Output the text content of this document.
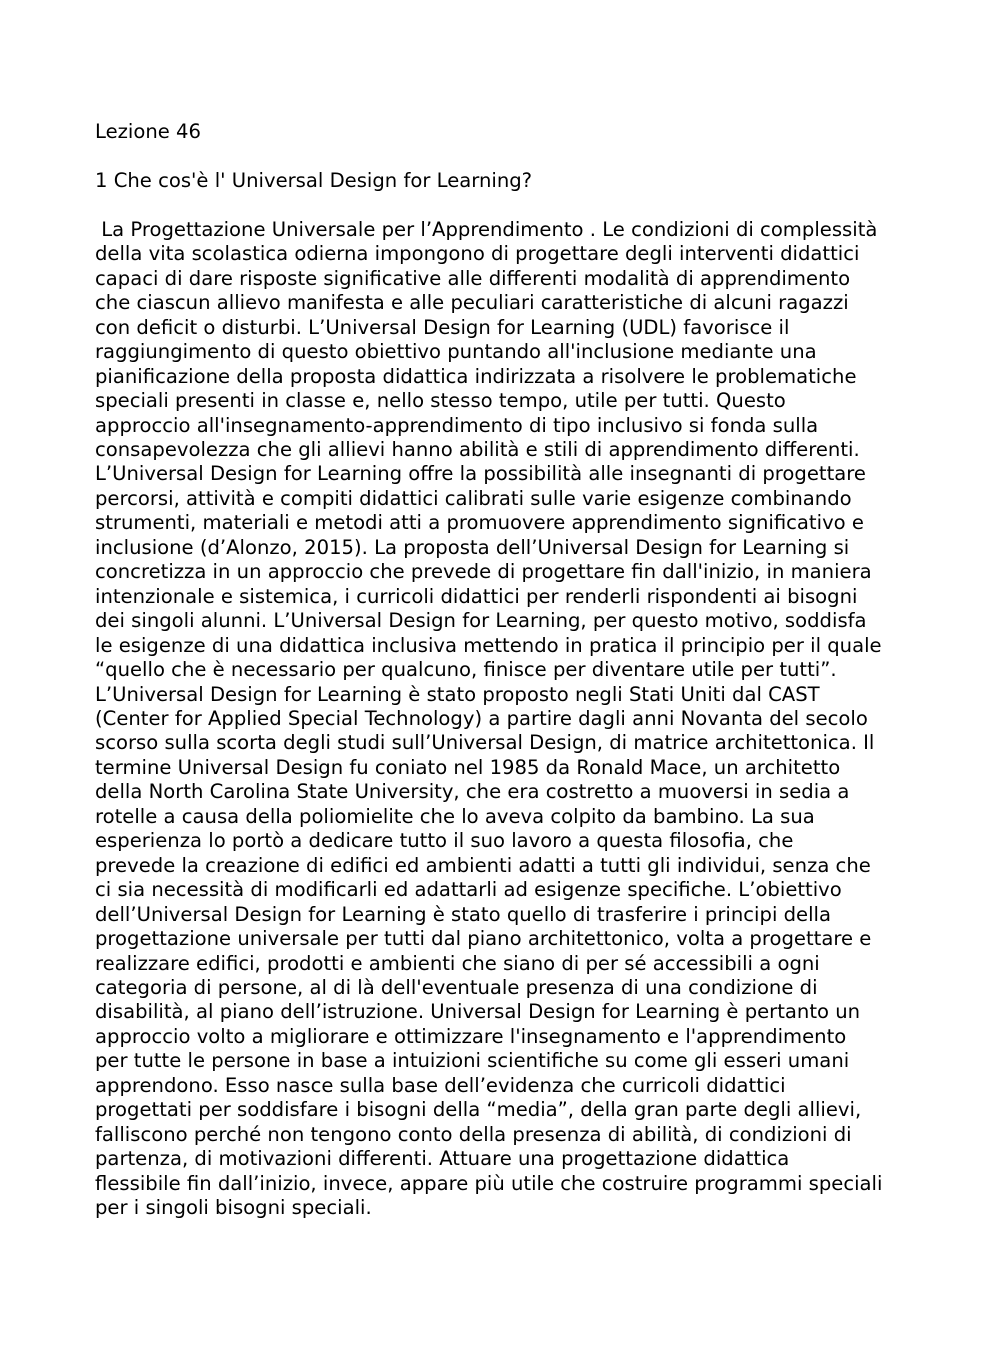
Lezione 46

1 Che cos'è l' Universal Design for Learning?

La Progettazione Universale per l’Apprendimento . Le condizioni di complessità
della vita scolastica odierna impongono di progettare degli interventi didattici
capaci di dare risposte significative alle differenti modalità di apprendimento
che ciascun allievo manifesta e alle peculiari caratteristiche di alcuni ragazzi
con deficit o disturbi. L’Universal Design for Learning (UDL) favorisce il
raggiungimento di questo obiettivo puntando all'inclusione mediante una
pianificazione della proposta didattica indirizzata a risolvere le problematiche
speciali presenti in classe e, nello stesso tempo, utile per tutti. Questo
approccio all'insegnamento-apprendimento di tipo inclusivo si fonda sulla
consapevolezza che gli allievi hanno abilità e stili di apprendimento differenti.
L’Universal Design for Learning offre la possibilità alle insegnanti di progettare
percorsi, attività e compiti didattici calibrati sulle varie esigenze combinando
strumenti, materiali e metodi atti a promuovere apprendimento significativo e
inclusione (d’Alonzo, 2015). La proposta dell’Universal Design for Learning si
concretizza in un approccio che prevede di progettare fin dall'inizio, in maniera
intenzionale e sistemica, i curricoli didattici per renderli rispondenti ai bisogni
dei singoli alunni. L’Universal Design for Learning, per questo motivo, soddisfa
le esigenze di una didattica inclusiva mettendo in pratica il principio per il quale
“quello che è necessario per qualcuno, finisce per diventare utile per tutti”.
L’Universal Design for Learning è stato proposto negli Stati Uniti dal CAST
(Center for Applied Special Technology) a partire dagli anni Novanta del secolo
scorso sulla scorta degli studi sull’Universal Design, di matrice architettonica. Il
termine Universal Design fu coniato nel 1985 da Ronald Mace, un architetto
della North Carolina State University, che era costretto a muoversi in sedia a
rotelle a causa della poliomielite che lo aveva colpito da bambino. La sua
esperienza lo portò a dedicare tutto il suo lavoro a questa filosofia, che
prevede la creazione di edifici ed ambienti adatti a tutti gli individui, senza che
ci sia necessità di modificarli ed adattarli ad esigenze specifiche. L’obiettivo
dell’Universal Design for Learning è stato quello di trasferire i principi della
progettazione universale per tutti dal piano architettonico, volta a progettare e
realizzare edifici, prodotti e ambienti che siano di per sé accessibili a ogni
categoria di persone, al di là dell'eventuale presenza di una condizione di
disabilità, al piano dell’istruzione. Universal Design for Learning è pertanto un
approccio volto a migliorare e ottimizzare l'insegnamento e l'apprendimento
per tutte le persone in base a intuizioni scientifiche su come gli esseri umani
apprendono. Esso nasce sulla base dell’evidenza che curricoli didattici
progettati per soddisfare i bisogni della “media”, della gran parte degli allievi,
falliscono perché non tengono conto della presenza di abilità, di condizioni di
partenza, di motivazioni differenti. Attuare una progettazione didattica
flessibile fin dall’inizio, invece, appare più utile che costruire programmi speciali
per i singoli bisogni speciali.
